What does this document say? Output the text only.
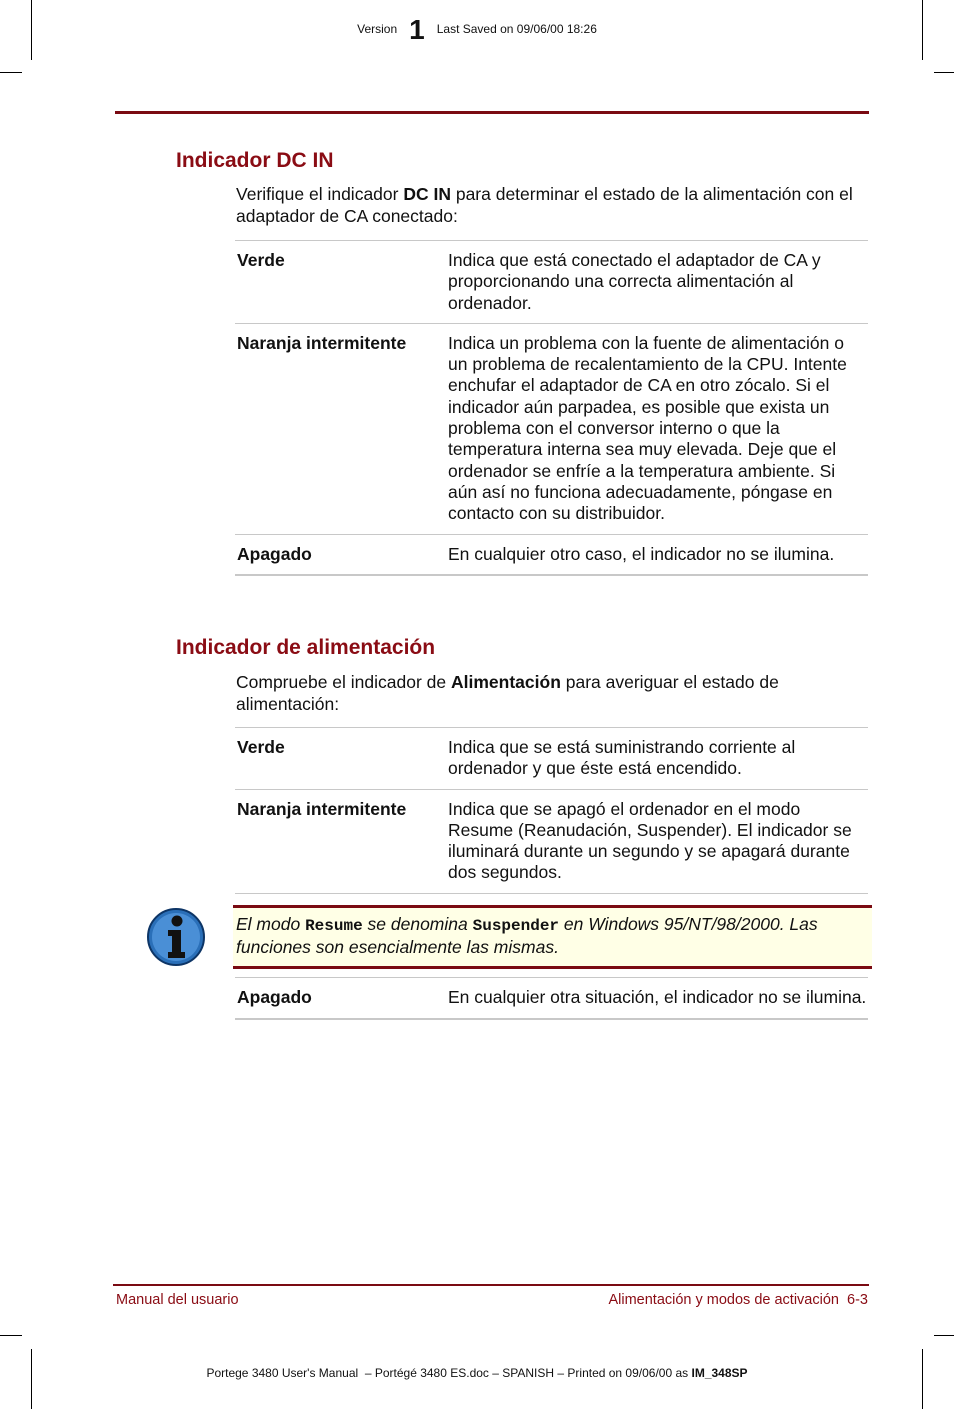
Version 1 Last Saved on 09/06/00 18:26
Indicador DC IN

Verifique el indicador DC IN para determinar el estado de la alimentación con el adaptador de CA conectado:

Verde	Indica que está conectado el adaptador de CA y proporcionando una correcta alimentación al ordenador.
Naranja intermitente	Indica un problema con la fuente de alimentación o un problema de recalentamiento de la CPU. Intente enchufar el adaptador de CA en otro zócalo. Si el indicador aún parpadea, es posible que exista un problema con el conversor interno o que la temperatura interna sea muy elevada. Deje que el ordenador se enfríe a la temperatura ambiente. Si aún así no funciona adecuadamente, póngase en contacto con su distribuidor.
Apagado	En cualquier otro caso, el indicador no se ilumina.
Indicador de alimentación

Compruebe el indicador de Alimentación para averiguar el estado de alimentación:

Verde	Indica que se está suministrando corriente al ordenador y que éste está encendido.
Naranja intermitente	Indica que se apagó el ordenador en el modo Resume (Reanudación, Suspender). El indicador se iluminará durante un segundo y se apagará durante dos segundos.

El modo Resume se denomina Suspender en Windows 95/NT/98/2000. Las funciones son esencialmente las mismas.

Apagado	En cualquier otra situación, el indicador no se ilumina.
Manual del usuario	Alimentación y modos de activación  6-3
Portege 3480 User's Manual  – Portégé 3480 ES.doc – SPANISH – Printed on 09/06/00 as IM_348SP
